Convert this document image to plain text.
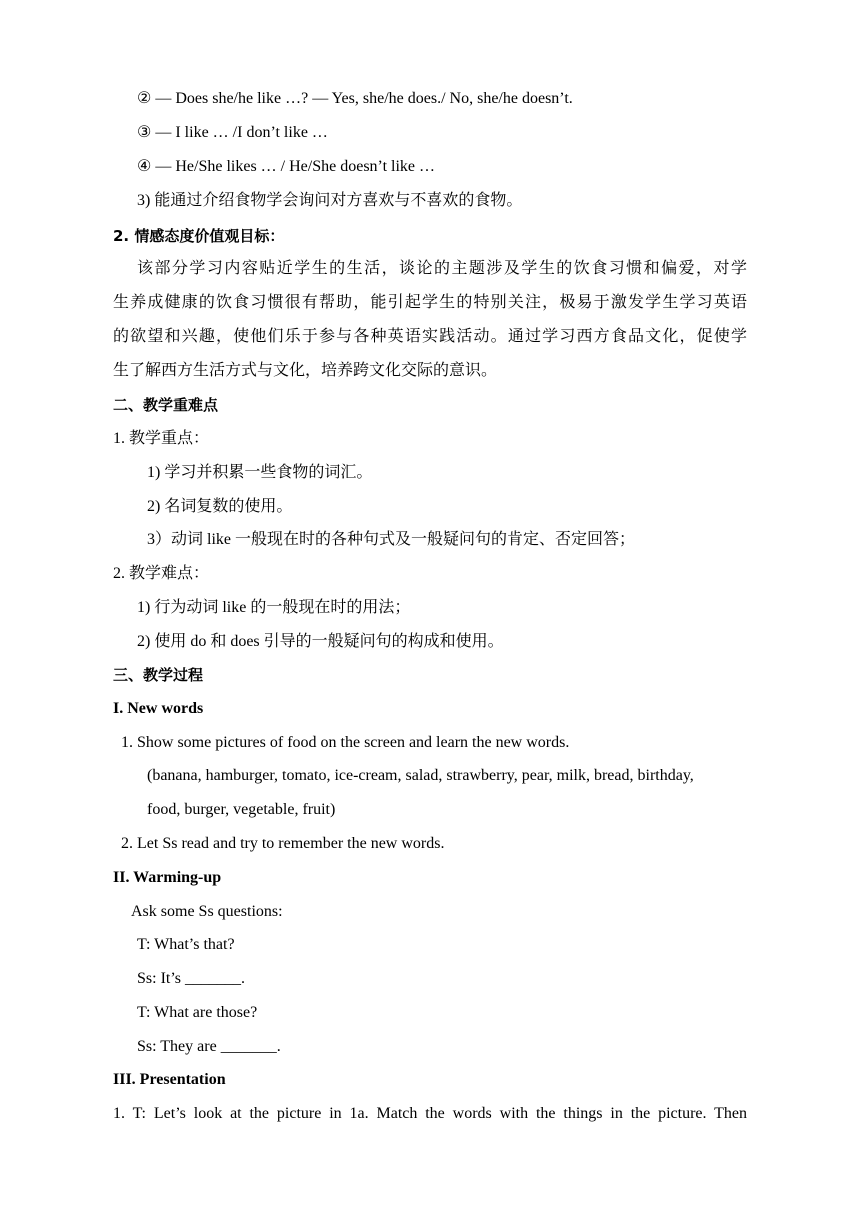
② — Does she/he like …? — Yes, she/he does./ No, she/he doesn’t.
③ — I like … /I don’t like …
④ — He/She likes … / He/She doesn’t like …
3) 能通过介绍食物学会询问对方喜欢与不喜欢的食物。
2. 情感态度价值观目标：
该部分学习内容贴近学生的生活，谈论的主题涉及学生的饮食习惯和偏爱，对学
生养成健康的饮食习惯很有帮助，能引起学生的特别关注，极易于激发学生学习英语
的欲望和兴趣，使他们乐于参与各种英语实践活动。通过学习西方食品文化，促使学
生了解西方生活方式与文化，培养跨文化交际的意识。
二、教学重难点
1. 教学重点：
1) 学习并积累一些食物的词汇。
2) 名词复数的使用。
3）动词 like 一般现在时的各种句式及一般疑问句的肯定、否定回答；
2. 教学难点：
1) 行为动词 like 的一般现在时的用法；
2) 使用 do 和 does 引导的一般疑问句的构成和使用。
三、教学过程
I. New words
1. Show some pictures of food on the screen and learn the new words.
(banana, hamburger, tomato, ice-cream, salad, strawberry, pear, milk, bread, birthday,
food, burger, vegetable, fruit)
2. Let Ss read and try to remember the new words.
II. Warming-up
Ask some Ss questions:
T: What’s that?
Ss: It’s _______.
T: What are those?
Ss: They are _______.
III. Presentation
1. T: Let’s look at the picture in 1a. Match the words with the things in the picture. Then
